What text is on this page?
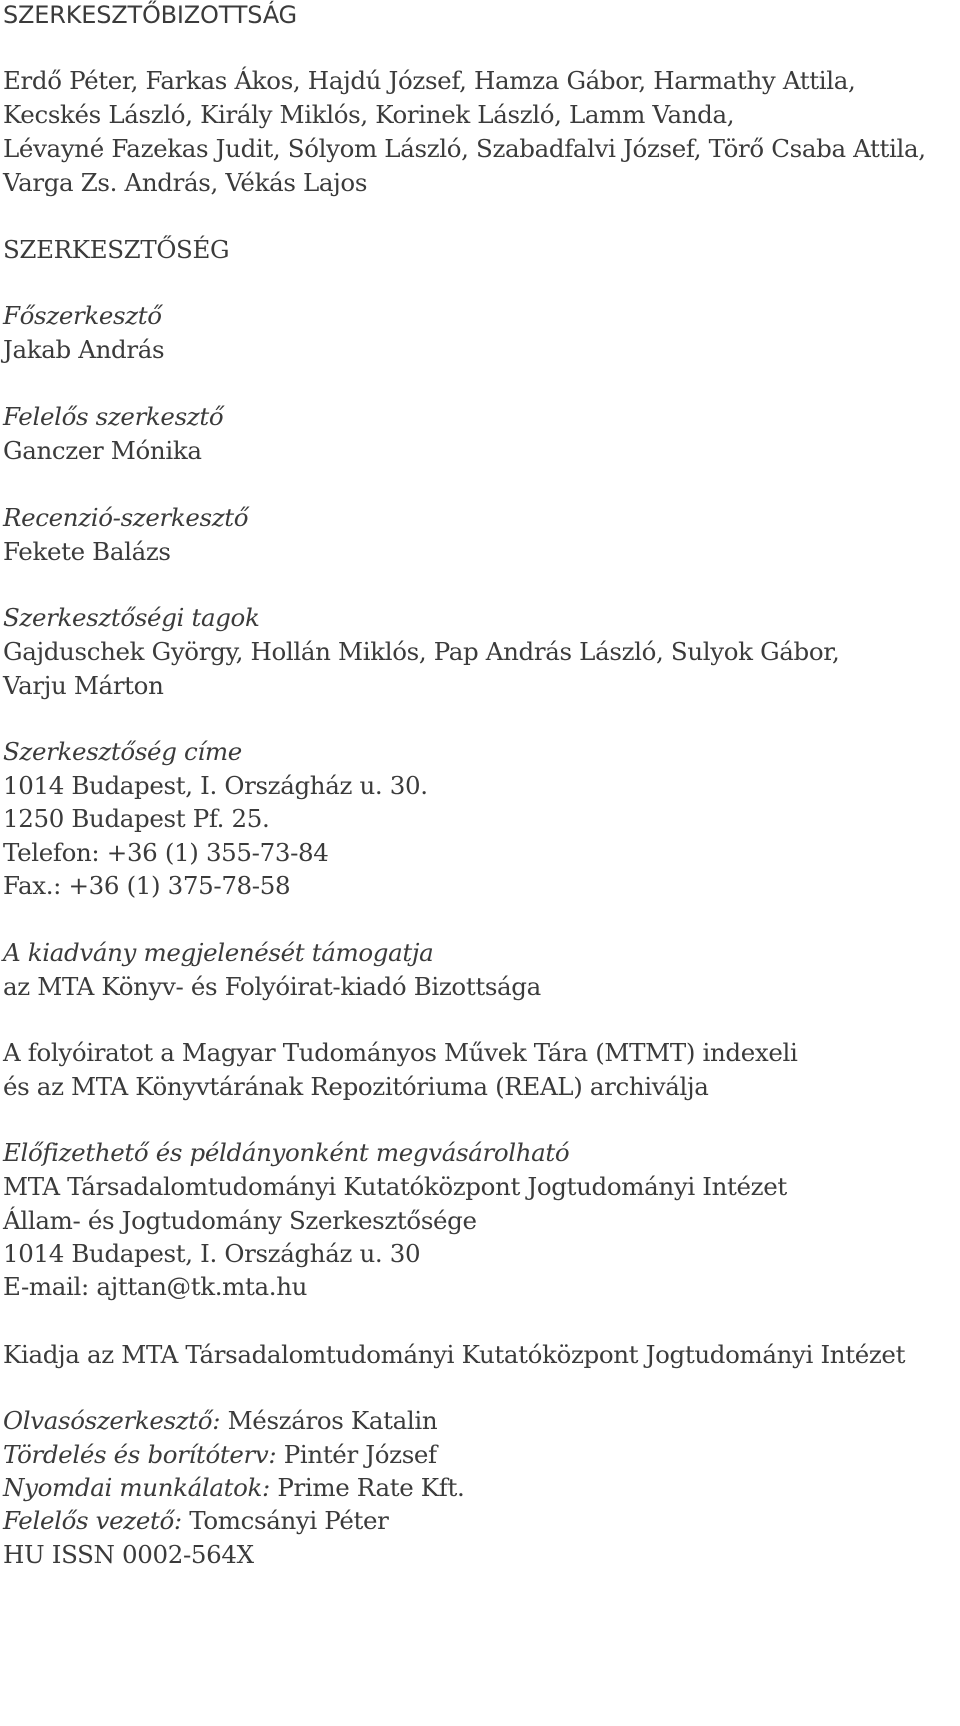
SZERKESZTŐBIZOTTSÁG

Erdő Péter, Farkas Ákos, Hajdú József, Hamza Gábor, Harmathy Attila,

Kecskés László, Király Miklós, Korinek László, Lamm Vanda,

Lévayné Fazekas Judit, Sólyom László, Szabadfalvi József, Törő Csaba Attila,

Varga Zs. András, Vékás Lajos

SZERKESZTŐSÉG

Főszerkesztő

Jakab András

Felelős szerkesztő

Ganczer Mónika

Recenzió-szerkesztő

Fekete Balázs

Szerkesztőségi tagok

Gajduschek György, Hollán Miklós, Pap András László, Sulyok Gábor,

Varju Márton

Szerkesztőség címe

1014 Budapest, I. Országház u. 30.

1250 Budapest Pf. 25.

Telefon: +36 (1) 355-73-84

Fax.: +36 (1) 375-78-58

A kiadvány megjelenését támogatja

az MTA Könyv- és Folyóirat-kiadó Bizottsága

A folyóiratot a Magyar Tudományos Művek Tára (MTMT) indexeli

és az MTA Könyvtárának Repozitóriuma (REAL) archiválja

Előfizethető és példányonként megvásárolható

MTA Társadalomtudományi Kutatóközpont Jogtudományi Intézet

Állam- és Jogtudomány Szerkesztősége

1014 Budapest, I. Országház u. 30

E-mail: ajttan@tk.mta.hu

Kiadja az MTA Társadalomtudományi Kutatóközpont Jogtudományi Intézet

Olvasószerkesztő: Mészáros Katalin

Tördelés és borítóterv: Pintér József

Nyomdai munkálatok: Prime Rate Kft.

Felelős vezető: Tomcsányi Péter

HU ISSN 0002-564X
